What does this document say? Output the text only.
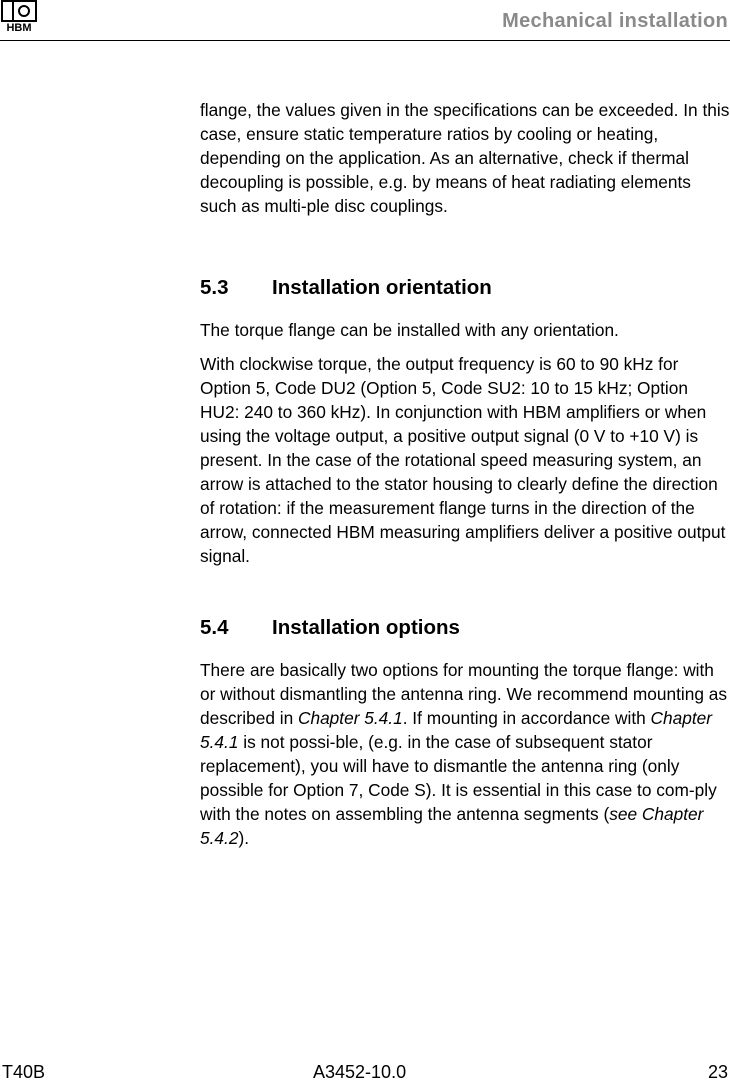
HBM	Mechanical installation

flange, the values given in the specifications can be exceeded. In this case, ensure static temperature ratios by cooling or heating, depending on the application. As an alternative, check if thermal decoupling is possible, e.g. by means of heat radiating elements such as multi-ple disc couplings.

5.3	Installation orientation

The torque flange can be installed with any orientation.

With clockwise torque, the output frequency is 60 to 90 kHz for Option 5, Code DU2 (Option 5, Code SU2: 10 to 15 kHz; Option HU2: 240 to 360 kHz). In conjunction with HBM amplifiers or when using the voltage output, a positive output signal (0 V to +10 V) is present. In the case of the rotational speed measuring system, an arrow is attached to the stator housing to clearly define the direction of rotation: if the measurement flange turns in the direction of the arrow, connected HBM measuring amplifiers deliver a positive output signal.

5.4	Installation options

There are basically two options for mounting the torque flange: with or without dismantling the antenna ring. We recommend mounting as described in Chapter 5.4.1. If mounting in accordance with Chapter 5.4.1 is not possi-ble, (e.g. in the case of subsequent stator replacement), you will have to dismantle the antenna ring (only possible for Option 7, Code S). It is essential in this case to com-ply with the notes on assembling the antenna segments (see Chapter 5.4.2).

T40B	A3452-10.0	23
